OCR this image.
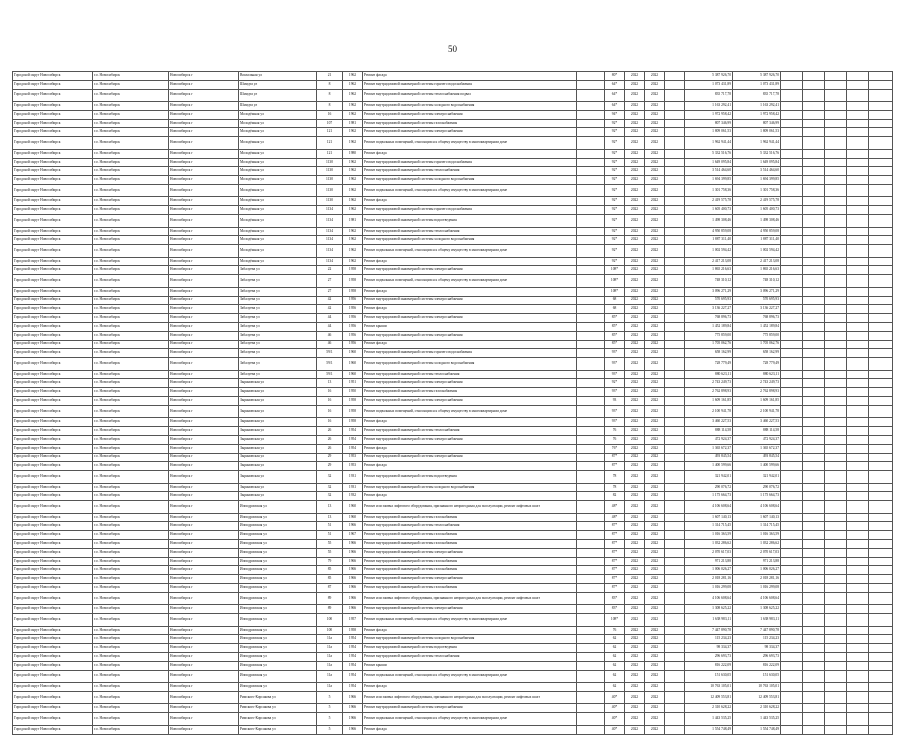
50
Городской округ Новосибирск	г.о. Новосибирск	Новосибирск г	Вокзальная ул	21	1962	Ремонт фасада		80*	2022	2022		5 387 926,70	5 387 926,70					
Городской округ Новосибирск	г.о. Новосибирск	Новосибирск г	Шмидта ул	8	1962	Ремонт внутридомовой инженерной системы горячего водоснабжения		64*	2022	2022		1 073 431,89	1 073 431,89					
Городской округ Новосибирск	г.о. Новосибирск	Новосибирск г	Шмидта ул	8	1962	Ремонт внутридомовой инженерной системы теплоснабжения подвал		64*	2022	2022		835 717,78	835 717,78					
Городской округ Новосибирск	г.о. Новосибирск	Новосибирск г	Шмидта ул	8	1962	Ремонт внутридомовой инженерной системы холодного водоснабжения		64*	2022	2022		1 163 292,41	1 163 292,41					
Городской округ Новосибирск	г.о. Новосибирск	Новосибирск г	Молодёжная ул	16	1962	Ремонт внутридомовой инженерной системы электроснабжения		94*	2022	2022		1 972 958,42	1 972 958,42					
Городской округ Новосибирск	г.о. Новосибирск	Новосибирск г	Молодёжная ул	107	1981	Ремонт внутридомовой инженерной системы газоснабжения		92*	2022	2022		807 346,99	807 346,99					
Городской округ Новосибирск	г.о. Новосибирск	Новосибирск г	Молодёжная ул	121	1962	Ремонт внутридомовой инженерной системы электроснабжения		92*	2022	2022		1 809 061,53	1 809 061,53					
Городской округ Новосибирск	г.о. Новосибирск	Новосибирск г	Молодёжная ул	121	1962	Ремонт подвальных помещений, относящихся к общему имуществу в многоквартирном доме		92*	2022	2022		1 962 941,44	1 962 941,44					
Городской округ Новосибирск	г.о. Новосибирск	Новосибирск г	Молодёжная ул	121	1980	Ремонт фасада		92*	2022	2022		5 332 516,76	5 332 516,76					
Городской округ Новосибирск	г.о. Новосибирск	Новосибирск г	Молодёжная ул	1130	1962	Ремонт внутридомовой инженерной системы горячего водоснабжения		92*	2022	2022		1 649 095,84	1 649 095,84					
Городской округ Новосибирск	г.о. Новосибирск	Новосибирск г	Молодёжная ул	1130	1962	Ремонт внутридомовой инженерной системы теплоснабжения		92*	2022	2022		3 514 464,60	3 514 464,60					
Городской округ Новосибирск	г.о. Новосибирск	Новосибирск г	Молодёжная ул	1130	1962	Ремонт внутридомовой инженерной системы холодного водоснабжения		92*	2022	2022		1 694 399,85	1 694 399,85					
Городской округ Новосибирск	г.о. Новосибирск	Новосибирск г	Молодёжная ул	1130	1962	Ремонт подвальных помещений, относящихся к общему имуществу в многоквартирном доме		92*	2022	2022		1 301 758,36	1 301 758,36					
Городской округ Новосибирск	г.о. Новосибирск	Новосибирск г	Молодёжная ул	1130	1962	Ремонт фасада		92*	2022	2022		2 419 575,78	2 419 575,78					
Городской округ Новосибирск	г.о. Новосибирск	Новосибирск г	Молодёжная ул	1134	1962	Ремонт внутридомовой инженерной системы горячего водоснабжения		92*	2022	2022		1 605 400,73	1 605 400,73					
Городской округ Новосибирск	г.о. Новосибирск	Новосибирск г	Молодёжная ул	1134	1981	Ремонт внутридомовой инженерной системы водоотведения		92*	2022	2022		1 498 308,46	1 498 308,46					
Городской округ Новосибирск	г.о. Новосибирск	Новосибирск г	Молодёжная ул	1134	1962	Ремонт внутридомовой инженерной системы теплоснабжения		92*	2022	2022		4 950 859,08	4 950 859,08					
Городской округ Новосибирск	г.о. Новосибирск	Новосибирск г	Молодёжная ул	1134	1962	Ремонт внутридомовой инженерной системы холодного водоснабжения		92*	2022	2022		1 887 311,40	1 887 311,40					
Городской округ Новосибирск	г.о. Новосибирск	Новосибирск г	Молодёжная ул	1134	1962	Ремонт подвальных помещений, относящихся к общему имуществу в многоквартирном доме		92*	2022	2022		1 002 594,42	1 002 594,42					
Городской округ Новосибирск	г.о. Новосибирск	Новосибирск г	Молодёжная ул	1134	1962	Ремонт фасада		92*	2022	2022		2 417 213,08	2 417 213,08					
Городской округ Новосибирск	г.о. Новосибирск	Новосибирск г	Забалуева ул	22	1958	Ремонт внутридомовой инженерной системы электроснабжения		108*	2022	2022		1 865 216,63	1 865 216,63					
Городской округ Новосибирск	г.о. Новосибирск	Новосибирск г	Забалуева ул	27	1958	Ремонт подвальных помещений, относящихся к общему имуществу в многоквартирном доме		108*	2022	2022		748 310,12	748 310,12					
Городской округ Новосибирск	г.о. Новосибирск	Новосибирск г	Забалуева ул	27	1958	Ремонт фасада		108*	2022	2022		3 096 271,29	3 096 271,29					
Городской округ Новосибирск	г.о. Новосибирск	Новосибирск г	Забалуева ул	42	1956	Ремонт внутридомовой инженерной системы электроснабжения		68	2022	2022		570 695,93	570 695,93					
Городской округ Новосибирск	г.о. Новосибирск	Новосибирск г	Забалуева ул	42	1956	Ремонт фасада		68	2022	2022		3 136 227,27	3 136 227,27					
Городской округ Новосибирск	г.о. Новосибирск	Новосибирск г	Забалуева ул	44	1956	Ремонт внутридомовой инженерной системы электроснабжения		85*	2022	2022		768 896,73	768 896,73					
Городской округ Новосибирск	г.о. Новосибирск	Новосибирск г	Забалуева ул	44	1956	Ремонт крыши		85*	2022	2022		1 452 189,84	1 452 189,84					
Городской округ Новосибирск	г.о. Новосибирск	Новосибирск г	Забалуева ул	46	1956	Ремонт внутридомовой инженерной системы электроснабжения		85*	2022	2022		775 859,00	775 859,00					
Городской округ Новосибирск	г.о. Новосибирск	Новосибирск г	Забалуева ул	46	1956	Ремонт фасада		85*	2022	2022		1 705 062,76	1 705 062,76					
Городской округ Новосибирск	г.о. Новосибирск	Новосибирск г	Забалуева ул	59/1	1960	Ремонт внутридомовой инженерной системы горячего водоснабжения		93*	2022	2022		658 162,99	658 162,99					
Городской округ Новосибирск	г.о. Новосибирск	Новосибирск г	Забалуева ул	59/1	1960	Ремонт внутридомовой инженерной системы холодного водоснабжения		93*	2022	2022		728 779,49	728 779,49					
Городской округ Новосибирск	г.о. Новосибирск	Новосибирск г	Забалуева ул	59/1	1960	Ремонт внутридомовой инженерной системы теплоснабжения		93*	2022	2022		880 623,11	880 623,11					
Городской округ Новосибирск	г.о. Новосибирск	Новосибирск г	Зыряновская ул	13	1951	Ремонт внутридомовой инженерной системы электроснабжения		92*	2022	2022		2 743 249,73	2 743 249,73					
Городской округ Новосибирск	г.о. Новосибирск	Новосибирск г	Зыряновская ул	16	1950	Ремонт внутридомовой инженерной системы газоснабжения		93*	2022	2022		2 762 898,93	2 762 898,93					
Городской округ Новосибирск	г.о. Новосибирск	Новосибирск г	Зыряновская ул	16	1958	Ремонт внутридомовой инженерной системы электроснабжения		93	2022	2022		1 609 161,85	1 609 161,85					
Городской округ Новосибирск	г.о. Новосибирск	Новосибирск г	Зыряновская ул	16	1958	Ремонт подвальных помещений, относящихся к общему имуществу в многоквартирном доме		93*	2022	2022		2 100 941,78	2 100 941,78					
Городской округ Новосибирск	г.о. Новосибирск	Новосибирск г	Зыряновская ул	16	1958	Ремонт фасада		93*	2022	2022		3 460 227,53	3 460 227,53					
Городской округ Новосибирск	г.о. Новосибирск	Новосибирск г	Зыряновская ул	26	1954	Ремонт внутридомовой инженерной системы теплоснабжения		76	2022	2022		888 114,58	888 114,58					
Городской округ Новосибирск	г.о. Новосибирск	Новосибирск г	Зыряновская ул	26	1954	Ремонт внутридомовой инженерной системы электроснабжения		76	2022	2022		472 924,37	472 924,37					
Городской округ Новосибирск	г.о. Новосибирск	Новосибирск г	Зыряновская ул	26	1954	Ремонт фасада		76*	2022	2022		1 365 672,37	1 365 672,37					
Городской округ Новосибирск	г.о. Новосибирск	Новосибирск г	Зыряновская ул	29	1953	Ремонт внутридомовой инженерной системы электроснабжения		87*	2022	2022		493 845,54	493 845,54					
Городской округ Новосибирск	г.о. Новосибирск	Новосибирск г	Зыряновская ул	29	1953	Ремонт фасада		87*	2022	2022		1 400 599,66	1 400 599,66					
Городской округ Новосибирск	г.о. Новосибирск	Новосибирск г	Зыряновская ул	32	1931	Ремонт внутридомовой инженерной системы водоотведения		78	2022	2022		321 942,01	321 942,01					
Городской округ Новосибирск	г.о. Новосибирск	Новосибирск г	Зыряновская ул	32	1931	Ремонт внутридомовой инженерной системы холодного водоснабжения		78	2022	2022		290 076,72	290 076,72					
Городской округ Новосибирск	г.о. Новосибирск	Новосибирск г	Зыряновская ул	32	1932	Ремонт фасада		82	2022	2022		1 175 664,73	1 175 664,73					
Городской округ Новосибирск	г.о. Новосибирск	Новосибирск г	Ипподромская ул	13	1960	Ремонт или замена лифтового оборудования, признанного непригодным для эксплуатации, ремонт лифтовых шахт		48*	2022	2022		4 106 608,64	4 106 608,64					
Городской округ Новосибирск	г.о. Новосибирск	Новосибирск г	Ипподромская ул	13	1960	Ремонт внутридомовой инженерной системы газоснабжения		48*	2022	2022		1 607 140,13	1 607 140,13					
Городской округ Новосибирск	г.о. Новосибирск	Новосибирск г	Ипподромская ул	51	1966	Ремонт внутридомовой инженерной системы теплоснабжения		87*	2022	2022		1 314 715,45	1 314 715,45					
Городской округ Новосибирск	г.о. Новосибирск	Новосибирск г	Ипподромская ул	51	1967	Ремонт внутридомовой инженерной системы газоснабжения		87*	2022	2022		1 016 363,59	1 016 363,59					
Городской округ Новосибирск	г.о. Новосибирск	Новосибирск г	Ипподромская ул	55	1966	Ремонт внутридомовой инженерной системы газоснабжения		87*	2022	2022		1 032 286,62	1 032 286,62					
Городской округ Новосибирск	г.о. Новосибирск	Новосибирск г	Ипподромская ул	55	1966	Ремонт внутридомовой инженерной системы электроснабжения		87*	2022	2022		2 070 617,03	2 070 617,03					
Городской округ Новосибирск	г.о. Новосибирск	Новосибирск г	Ипподромская ул	79	1966	Ремонт внутридомовой инженерной системы газоснабжения		87*	2022	2022		971 213,88	971 213,88					
Городской округ Новосибирск	г.о. Новосибирск	Новосибирск г	Ипподромская ул	85	1966	Ремонт внутридомовой инженерной системы газоснабжения		87*	2022	2022		1 006 026,27	1 006 026,27					
Городской округ Новосибирск	г.о. Новосибирск	Новосибирск г	Ипподромская ул	85	1966	Ремонт внутридомовой инженерной системы электроснабжения		87*	2022	2022		2 018 281,16	2 018 281,16					
Городской округ Новосибирск	г.о. Новосибирск	Новосибирск г	Ипподромская ул	87	1966	Ремонт внутридомовой инженерной системы газоснабжения		87*	2022	2022		1 016 299,08	1 016 299,08					
Городской округ Новосибирск	г.о. Новосибирск	Новосибирск г	Ипподромская ул	89	1966	Ремонт или замена лифтового оборудования, признанного непригодным для эксплуатации, ремонт лифтовых шахт		83*	2022	2022		4 106 608,64	4 106 608,64					
Городской округ Новосибирск	г.о. Новосибирск	Новосибирск г	Ипподромская ул	89	1966	Ремонт внутридомовой инженерной системы электроснабжения		83*	2022	2022		1 308 625,22	1 308 625,22					
Городской округ Новосибирск	г.о. Новосибирск	Новосибирск г	Ипподромская ул	100	1957	Ремонт подвальных помещений, относящихся к общему имуществу в многоквартирном доме		108*	2022	2022		1 638 983,11	1 638 983,11					
Городской округ Новосибирск	г.о. Новосибирск	Новосибирск г	Ипподромская ул	100	1958	Ремонт фасада		76	2022	2022		7 447 890,78	7 447 890,78					
Городской округ Новосибирск	г.о. Новосибирск	Новосибирск г	Ипподромская ул	11a	1954	Ремонт внутридомовой инженерной системы холодного водоснабжения		62	2022	2022		115 234,23	115 234,23					
Городской округ Новосибирск	г.о. Новосибирск	Новосибирск г	Ипподромская ул	11a	1954	Ремонт внутридомовой инженерной системы водоотведения		62	2022	2022		98 334,37	98 334,37					
Городской округ Новосибирск	г.о. Новосибирск	Новосибирск г	Ипподромская ул	11a	1954	Ремонт внутридомовой инженерной системы теплоснабжения		62	2022	2022		296 693,73	296 693,73					
Городской округ Новосибирск	г.о. Новосибирск	Новосибирск г	Ипподромская ул	11a	1954	Ремонт крыши		62	2022	2022		816 222,09	816 222,09					
Городской округ Новосибирск	г.о. Новосибирск	Новосибирск г	Ипподромская ул	11a	1954	Ремонт подвальных помещений, относящихся к общему имуществу в многоквартирном доме		62	2022	2022		151 630,05	151 630,05					
Городской округ Новосибирск	г.о. Новосибирск	Новосибирск г	Ипподромская ул	11a	1954	Ремонт фасада		62	2022	2022		10 763 105,01	10 763 105,01					
Городской округ Новосибирск	г.о. Новосибирск	Новосибирск г	Римского-Корсакова ул	5	1966	Ремонт или замена лифтового оборудования, признанного непригодным для эксплуатации, ремонт лифтовых шахт		40*	2022	2022		12 409 553,81	12 409 553,81					
Городской округ Новосибирск	г.о. Новосибирск	Новосибирск г	Римского-Корсакова ул	5	1966	Ремонт внутридомовой инженерной системы электроснабжения		40*	2022	2022		2 310 628,22	2 310 628,22					
Городской округ Новосибирск	г.о. Новосибирск	Новосибирск г	Римского-Корсакова ул	5	1966	Ремонт подвальных помещений, относящихся к общему имуществу в многоквартирном доме		40*	2022	2022		1 443 535,25	1 443 535,25					
Городской округ Новосибирск	г.о. Новосибирск	Новосибирск г	Римского-Корсакова ул	5	1966	Ремонт фасада		40*	2022	2022		1 554 748,49	1 554 748,49					
